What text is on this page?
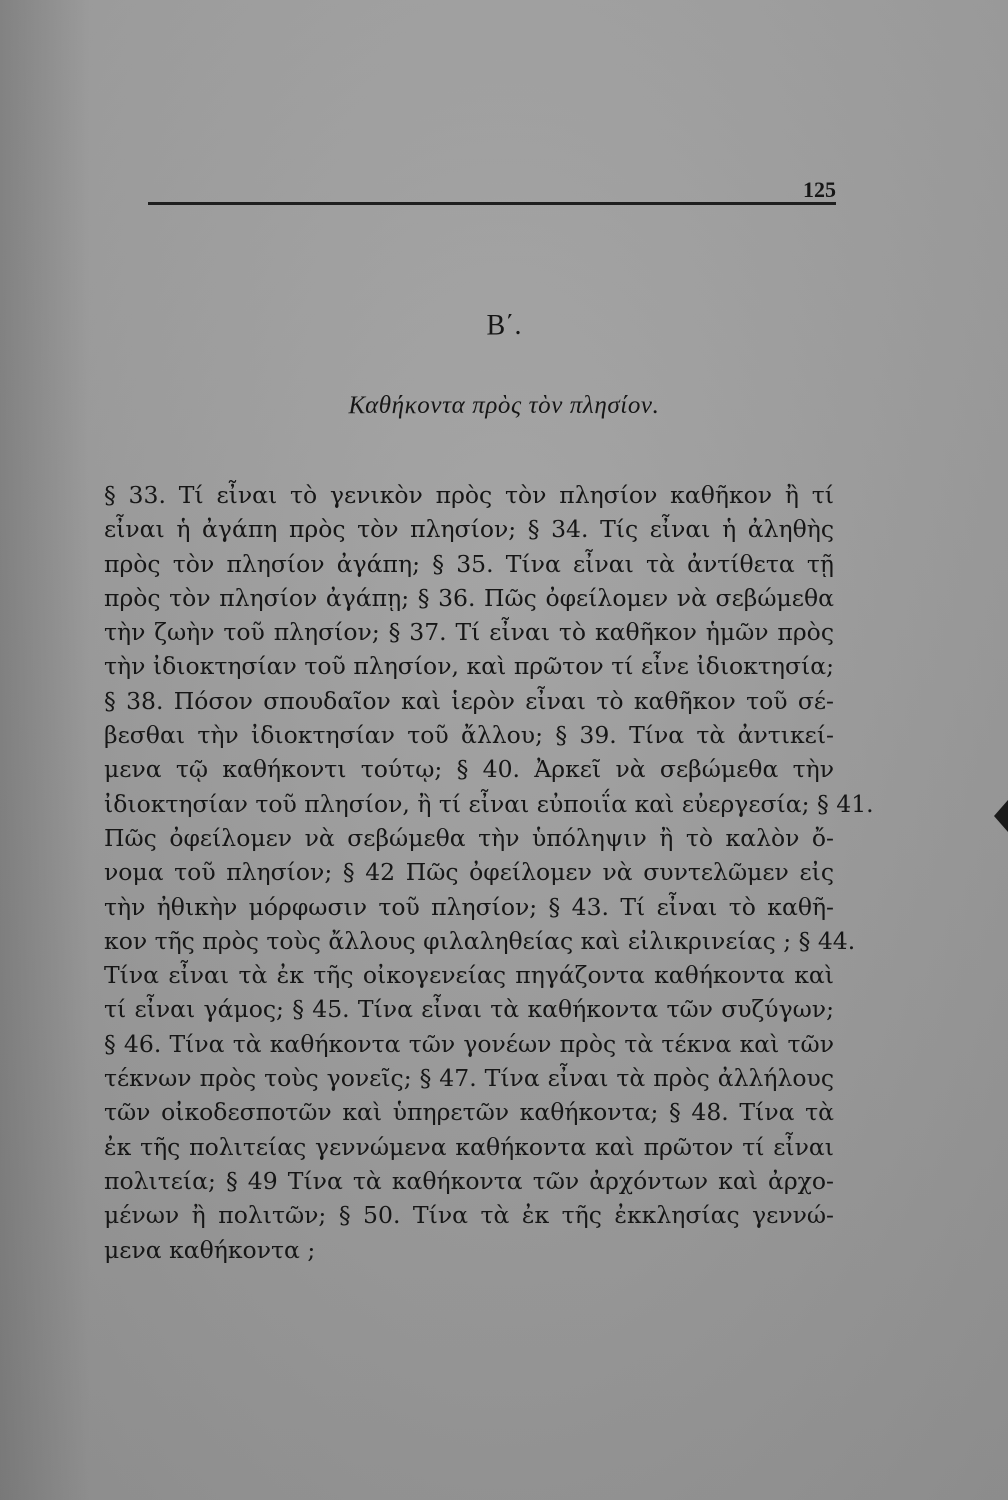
125
Β΄.
Καθήκοντα πρὸς τὸν πλησίον.
§ 33. Τί εἶναι τὸ γενικὸν πρὸς τὸν πλησίον καθῆκον ἢ τί
εἶναι ἡ ἀγάπη πρὸς τὸν πλησίον; § 34. Τίς εἶναι ἡ ἀληθὴς
πρὸς τὸν πλησίον ἀγάπη; § 35. Τίνα εἶναι τὰ ἀντίθετα τῇ
πρὸς τὸν πλησίον ἀγάπῃ; § 36. Πῶς ὀφείλομεν νὰ σεβώμεθα
τὴν ζωὴν τοῦ πλησίον; § 37. Τί εἶναι τὸ καθῆκον ἡμῶν πρὸς
τὴν ἰδιοκτησίαν τοῦ πλησίον, καὶ πρῶτον τί εἶνε ἰδιοκτησία;
§ 38. Πόσον σπουδαῖον καὶ ἱερὸν εἶναι τὸ καθῆκον τοῦ σέ-
βεσθαι τὴν ἰδιοκτησίαν τοῦ ἄλλου; § 39. Τίνα τὰ ἀντικεί-
μενα τῷ καθήκοντι τούτῳ; § 40. Ἀρκεῖ νὰ σεβώμεθα τὴν
ἰδιοκτησίαν τοῦ πλησίον, ἢ τί εἶναι εὐποιΐα καὶ εὐεργεσία; § 41.
Πῶς ὀφείλομεν νὰ σεβώμεθα τὴν ὑπόληψιν ἢ τὸ καλὸν ὄ-
νομα τοῦ πλησίον; § 42 Πῶς ὀφείλομεν νὰ συντελῶμεν εἰς
τὴν ἠθικὴν μόρφωσιν τοῦ πλησίον; § 43. Τί εἶναι τὸ καθῆ-
κον τῆς πρὸς τοὺς ἄλλους φιλαληθείας καὶ εἰλικρινείας ; § 44.
Τίνα εἶναι τὰ ἐκ τῆς οἰκογενείας πηγάζοντα καθήκοντα καὶ
τί εἶναι γάμος; § 45. Τίνα εἶναι τὰ καθήκοντα τῶν συζύγων;
§ 46. Τίνα τὰ καθήκοντα τῶν γονέων πρὸς τὰ τέκνα καὶ τῶν
τέκνων πρὸς τοὺς γονεῖς; § 47. Τίνα εἶναι τὰ πρὸς ἀλλήλους
τῶν οἰκοδεσποτῶν καὶ ὑπηρετῶν καθήκοντα; § 48. Τίνα τὰ
ἐκ τῆς πολιτείας γεννώμενα καθήκοντα καὶ πρῶτον τί εἶναι
πολιτεία; § 49 Τίνα τὰ καθήκοντα τῶν ἀρχόντων καὶ ἀρχο-
μένων ἢ πολιτῶν; § 50. Τίνα τὰ ἐκ τῆς ἐκκλησίας γεννώ-
μενα καθήκοντα ;
